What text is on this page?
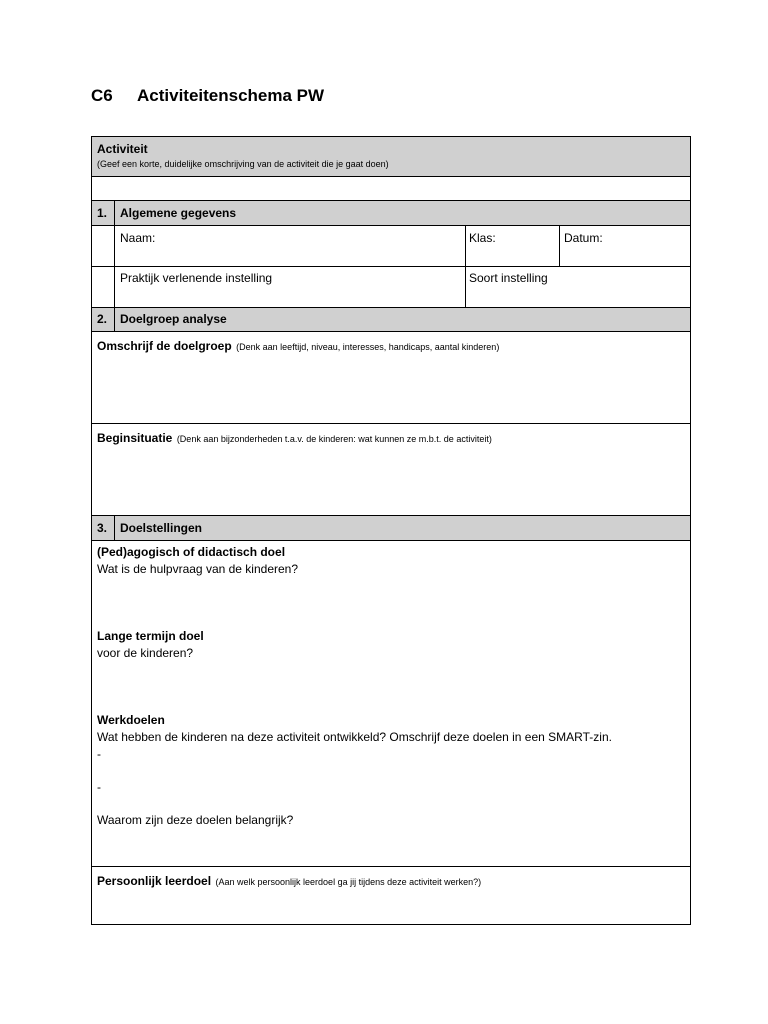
C6 Activiteitenschema PW
Activiteit
(Geef een korte, duidelijke omschrijving van de activiteit die je gaat doen)
1. Algemene gegevens
Naam:	Klas:	Datum:
Praktijk verlenende instelling	Soort instelling
2. Doelgroep analyse
Omschrijf de doelgroep (Denk aan leeftijd, niveau, interesses, handicaps, aantal kinderen)
Beginsituatie (Denk aan bijzonderheden t.a.v. de kinderen: wat kunnen ze m.b.t. de activiteit)
3. Doelstellingen
(Ped)agogisch of didactisch doel
Wat is de hulpvraag van de kinderen?
Lange termijn doel
voor de kinderen?
Werkdoelen
Wat hebben de kinderen na deze activiteit ontwikkeld? Omschrijf deze doelen in een SMART-zin.
-
-
Waarom zijn deze doelen belangrijk?
Persoonlijk leerdoel (Aan welk persoonlijk leerdoel ga jij tijdens deze activiteit werken?)
